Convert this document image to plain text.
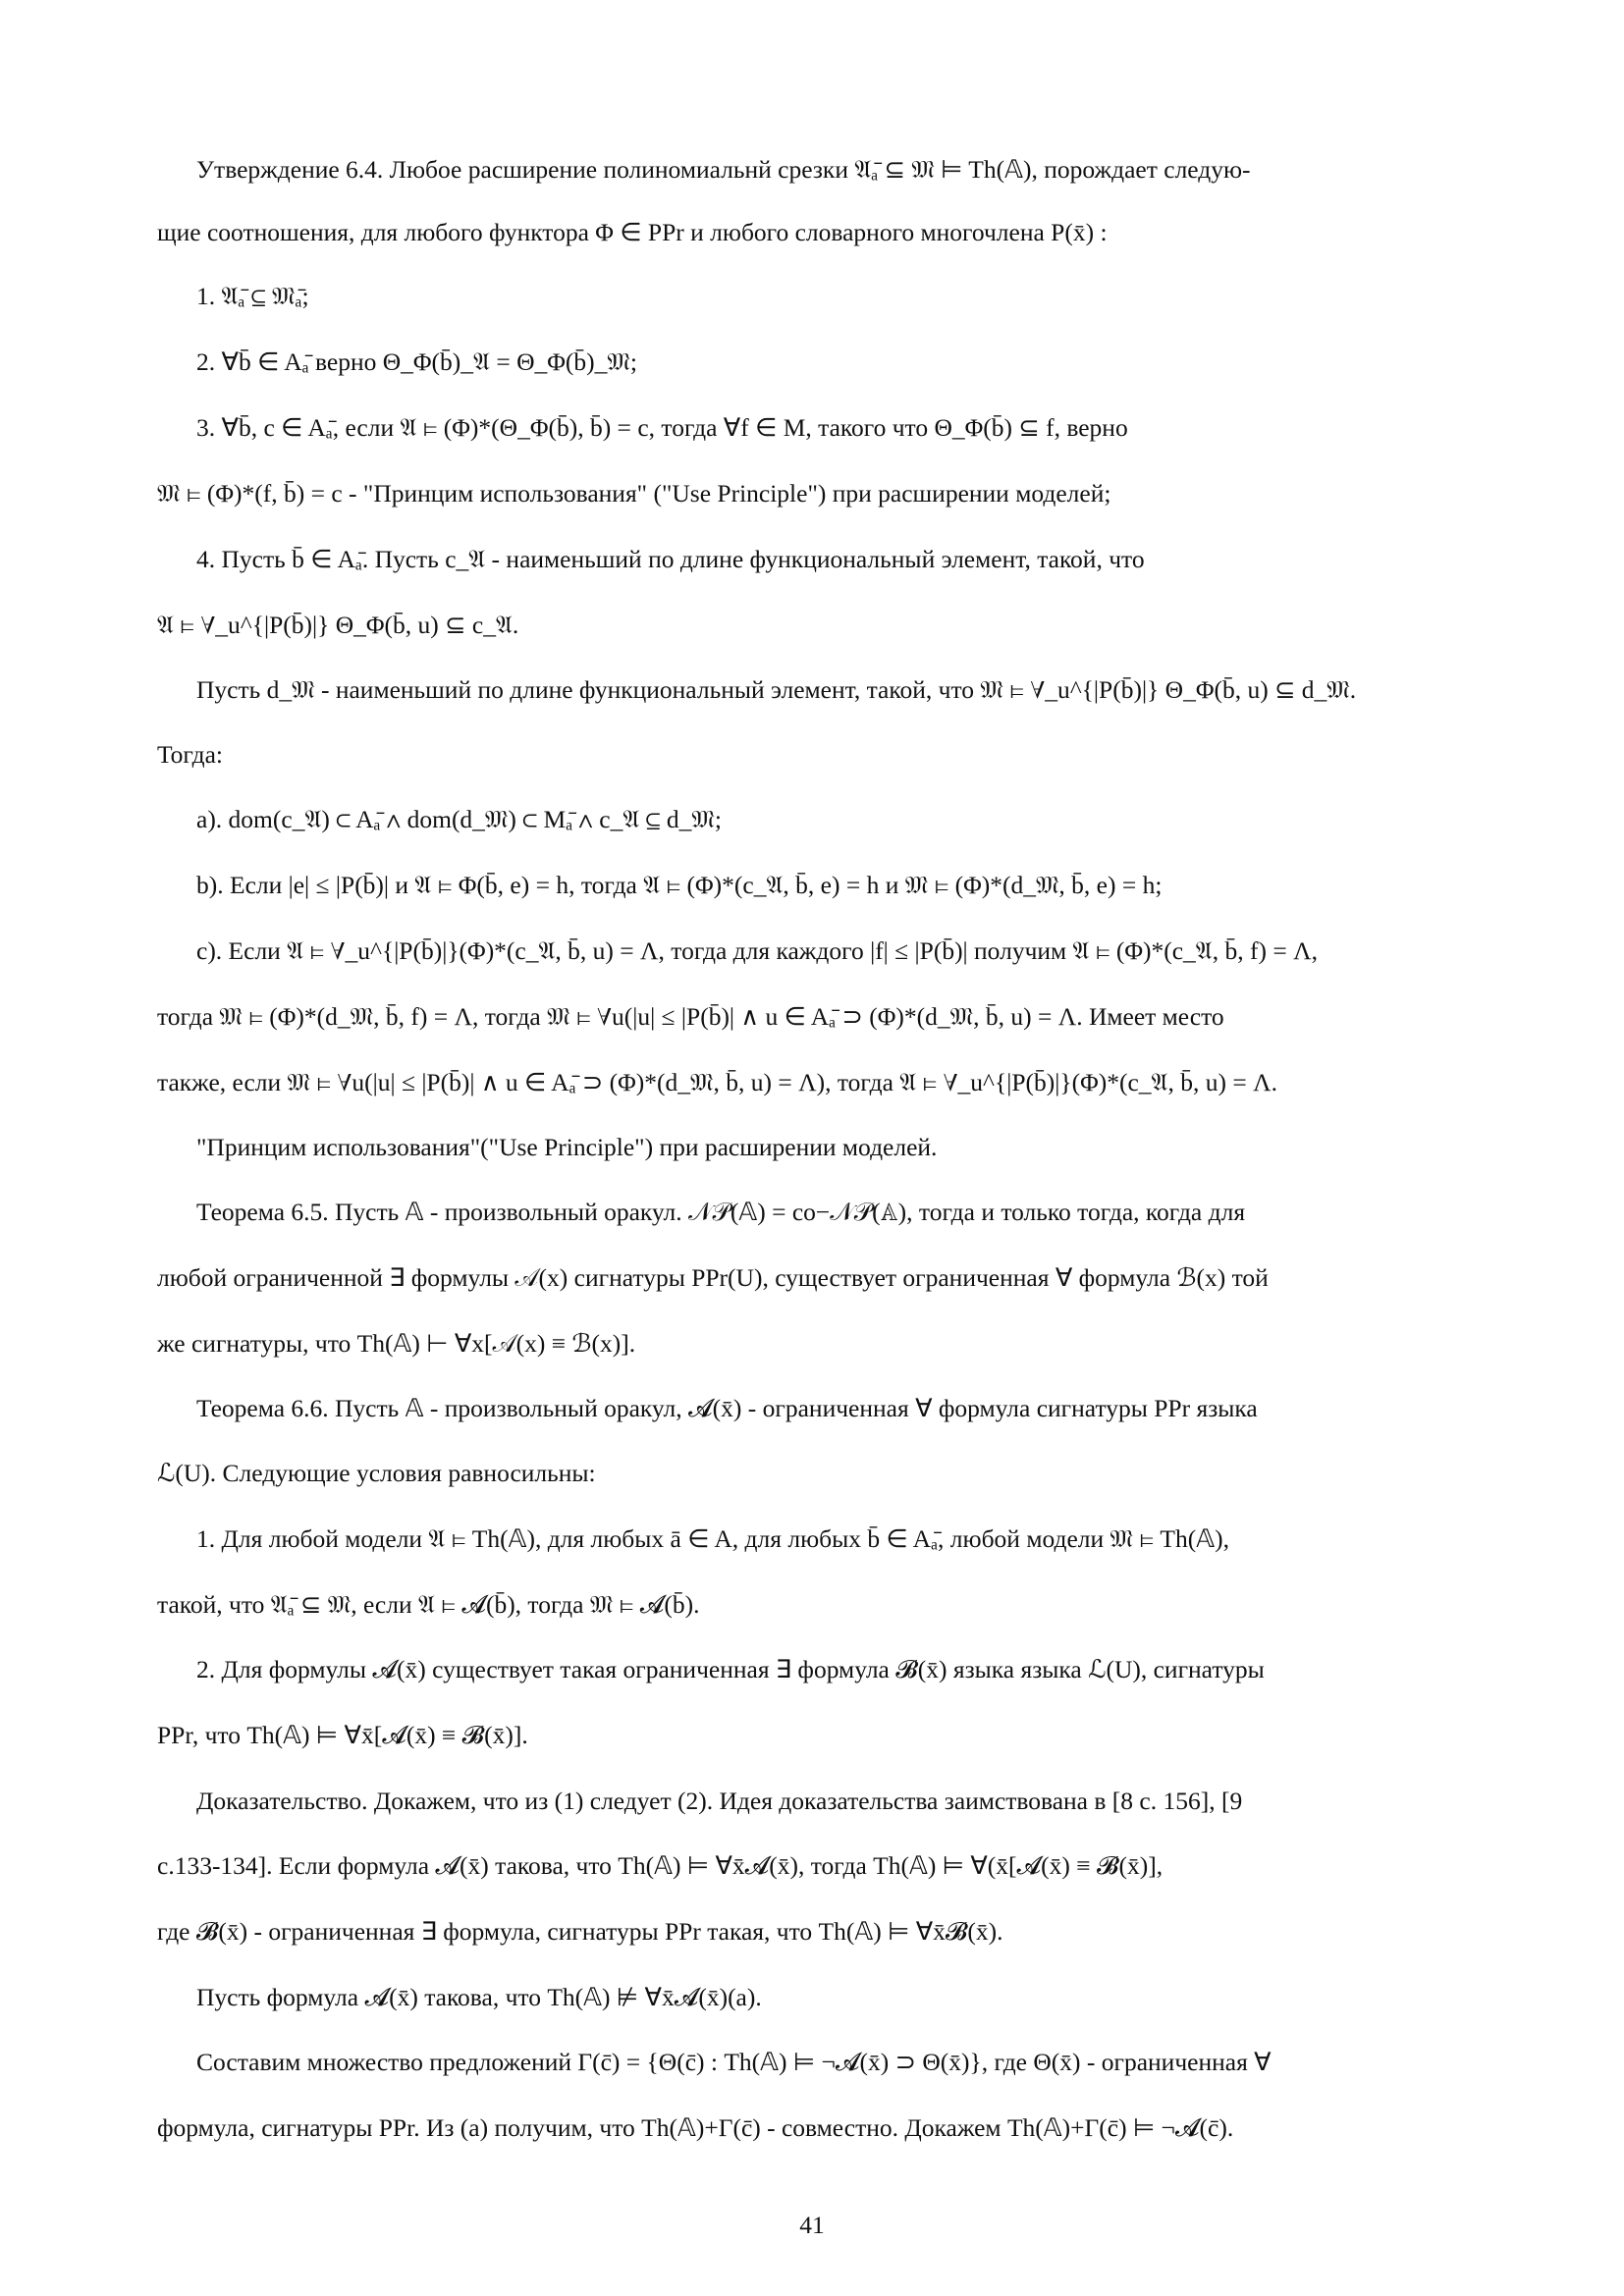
Утверждение 6.4. Любое расширение полиномиальнй срезки 𝔄ₐ̄ ⊆ 𝔐 ⊨ Th(𝔸), порождает следую-
щие соотношения, для любого функтора Φ ∈ PPr и любого словарного многочлена P(x̄) :
1. 𝔄ₐ̄ ⊆ 𝔐ₐ̄;
2. ∀b̄ ∈ Aₐ̄ верно Θ_Φ(b̄)_𝔄 = Θ_Φ(b̄)_𝔐;
3. ∀b̄, c ∈ Aₐ̄, если 𝔄 ⊨ (Φ)*(Θ_Φ(b̄), b̄) = c, тогда ∀f ∈ M, такого что Θ_Φ(b̄) ⊆ f, верно
𝔐 ⊨ (Φ)*(f, b̄) = c - "Принцим использования" ("Use Principle") при расширении моделей;
4. Пусть b̄ ∈ Aₐ̄. Пусть c_𝔄 - наименьший по длине функциональный элемент, такой, что
𝔄 ⊨ ∀_u^{|P(b̄)|} Θ_Φ(b̄, u) ⊆ c_𝔄.
Пусть d_𝔐 - наименьший по длине функциональный элемент, такой, что 𝔐 ⊨ ∀_u^{|P(b̄)|} Θ_Φ(b̄, u) ⊆ d_𝔐.
Тогда:
a). dom(c_𝔄) ⊂ Aₐ̄ ∧ dom(d_𝔐) ⊂ Mₐ̄ ∧ c_𝔄 ⊆ d_𝔐;
b). Если |e| ≤ |P(b̄)| и 𝔄 ⊨ Φ(b̄, e) = h, тогда 𝔄 ⊨ (Φ)*(c_𝔄, b̄, e) = h и 𝔐 ⊨ (Φ)*(d_𝔐, b̄, e) = h;
c). Если 𝔄 ⊨ ∀_u^{|P(b̄)|}(Φ)*(c_𝔄, b̄, u) = Λ, тогда для каждого |f| ≤ |P(b̄)| получим 𝔄 ⊨ (Φ)*(c_𝔄, b̄, f) = Λ,
тогда 𝔐 ⊨ (Φ)*(d_𝔐, b̄, f) = Λ, тогда 𝔐 ⊨ ∀u(|u| ≤ |P(b̄)| ∧ u ∈ Aₐ̄ ⊃ (Φ)*(d_𝔐, b̄, u) = Λ. Имеет место
также, если 𝔐 ⊨ ∀u(|u| ≤ |P(b̄)| ∧ u ∈ Aₐ̄ ⊃ (Φ)*(d_𝔐, b̄, u) = Λ), тогда 𝔄 ⊨ ∀_u^{|P(b̄)|}(Φ)*(c_𝔄, b̄, u) = Λ.
"Принцим использования"("Use Principle") при расширении моделей.
Теорема 6.5. Пусть 𝔸 - произвольный оракул. 𝒩𝒫(𝔸) = co−𝒩𝒫(𝔸), тогда и только тогда, когда для
любой ограниченной ∃ формулы 𝒜(x) сигнатуры PPr(U), существует ограниченная ∀ формула ℬ(x) той
же сигнатуры, что Th(𝔸) ⊢ ∀x[𝒜(x) ≡ ℬ(x)].
Теорема 6.6. Пусть 𝔸 - произвольный оракул, 𝓐(x̄) - ограниченная ∀ формула сигнатуры PPr языка
ℒ(U). Следующие условия равносильны:
1. Для любой модели 𝔄 ⊨ Th(𝔸), для любых ā ∈ A, для любых b̄ ∈ Aₐ̄, любой модели 𝔐 ⊨ Th(𝔸),
такой, что 𝔄ₐ̄ ⊆ 𝔐, если 𝔄 ⊨ 𝓐(b̄), тогда 𝔐 ⊨ 𝓐(b̄).
2. Для формулы 𝓐(x̄) существует такая ограниченная ∃ формула 𝓑(x̄) языка языка ℒ(U), сигнатуры
PPr, что Th(𝔸) ⊨ ∀x̄[𝓐(x̄) ≡ 𝓑(x̄)].
Доказательство. Докажем, что из (1) следует (2). Идея доказательства заимствована в [8 с. 156], [9
с.133-134]. Если формула 𝓐(x̄) такова, что Th(𝔸) ⊨ ∀x̄𝓐(x̄), тогда Th(𝔸) ⊨ ∀(x̄[𝓐(x̄) ≡ 𝓑(x̄)],
где 𝓑(x̄) - ограниченная ∃ формула, сигнатуры PPr такая, что Th(𝔸) ⊨ ∀x̄𝓑(x̄).
Пусть формула 𝓐(x̄) такова, что Th(𝔸) ⊭ ∀x̄𝓐(x̄)(a).
Составим множество предложений Γ(c̄) = {Θ(c̄) : Th(𝔸) ⊨ ¬𝓐(x̄) ⊃ Θ(x̄)}, где Θ(x̄) - ограниченная ∀
формула, сигнатуры PPr. Из (a) получим, что Th(𝔸)+Γ(c̄) - совместно. Докажем Th(𝔸)+Γ(c̄) ⊨ ¬𝓐(c̄).
41
